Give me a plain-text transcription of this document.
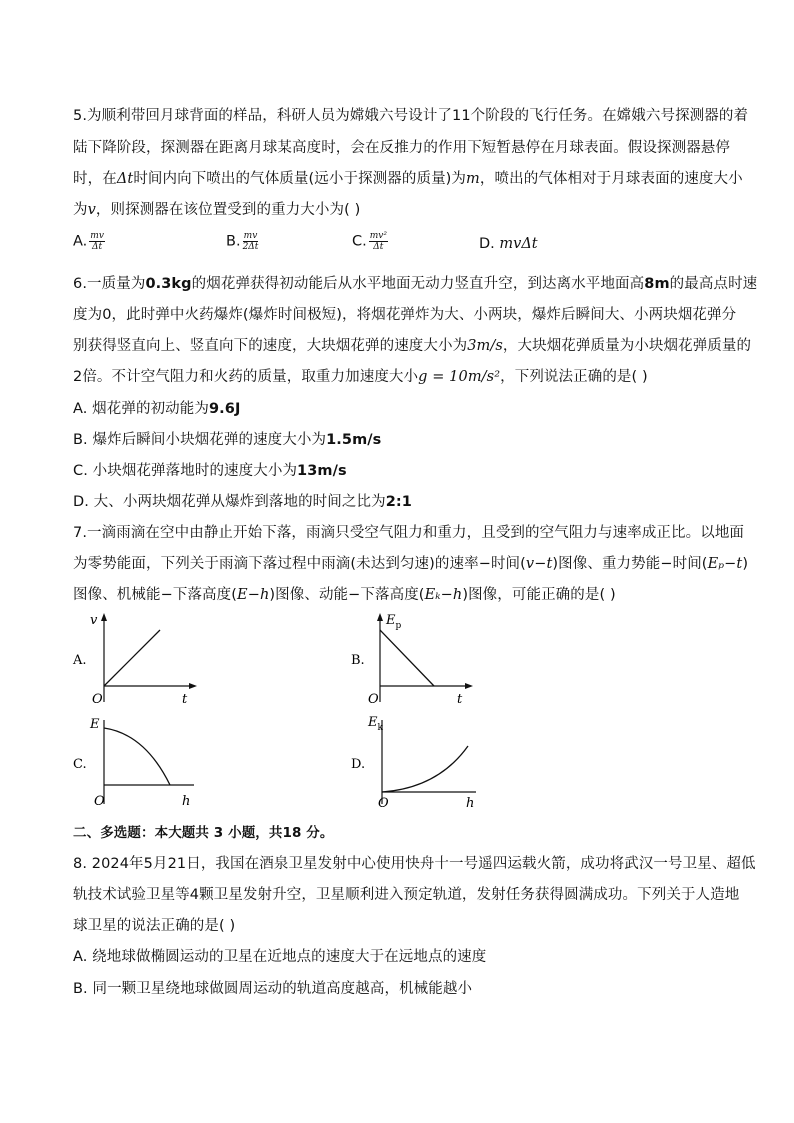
5.为顺利带回月球背面的样品，科研人员为嫦娥六号设计了11个阶段的飞行任务。在嫦娥六号探测器的着
陆下降阶段，探测器在距离月球某高度时，会在反推力的作用下短暂悬停在月球表面。假设探测器悬停
时，在Δt时间内向下喷出的气体质量(远小于探测器的质量)为m，喷出的气体相对于月球表面的速度大小
为v，则探测器在该位置受到的重力大小为( )
A. $\frac{mv}{\Delta t}$	B. $\frac{mv}{2\Delta t}$	C. $\frac{\text{mv²}}{\Delta t}$	D. mvΔt
6.一质量为0.3kg的烟花弹获得初动能后从水平地面无动力竖直升空，到达离水平地面高8m的最高点时速
度为0，此时弹中火药爆炸(爆炸时间极短)，将烟花弹炸为大、小两块，爆炸后瞬间大、小两块烟花弹分
别获得竖直向上、竖直向下的速度，大块烟花弹的速度大小为3m/s，大块烟花弹质量为小块烟花弹质量的
2倍。不计空气阻力和火药的质量，取重力加速度大小g = 10m/s²，下列说法正确的是( )
A. 烟花弹的初动能为9.6J
B. 爆炸后瞬间小块烟花弹的速度大小为1.5m/s
C. 小块烟花弹落地时的速度大小为13m/s
D. 大、小两块烟花弹从爆炸到落地的时间之比为2:1
7.一滴雨滴在空中由静止开始下落，雨滴只受空气阻力和重力，且受到的空气阻力与速率成正比。以地面
为零势能面，下列关于雨滴下落过程中雨滴(未达到匀速)的速率−时间(v−t)图像、重力势能−时间(Eₚ−t)
图像、机械能−下落高度(E−h)图像、动能−下落高度(Eₖ−h)图像，可能正确的是( )
A.
v
t
O
B.
$E_p$
t
O
C.
E
h
O
D.
$E_k$
h
O
二、多选题：本大题共 3 小题，共18 分。
8. 2024年5月21日，我国在酒泉卫星发射中心使用快舟十一号遥四运载火箭，成功将武汉一号卫星、超低
轨技术试验卫星等4颗卫星发射升空，卫星顺利进入预定轨道，发射任务获得圆满成功。下列关于人造地
球卫星的说法正确的是( )
A. 绕地球做椭圆运动的卫星在近地点的速度大于在远地点的速度
B. 同一颗卫星绕地球做圆周运动的轨道高度越高，机械能越小
